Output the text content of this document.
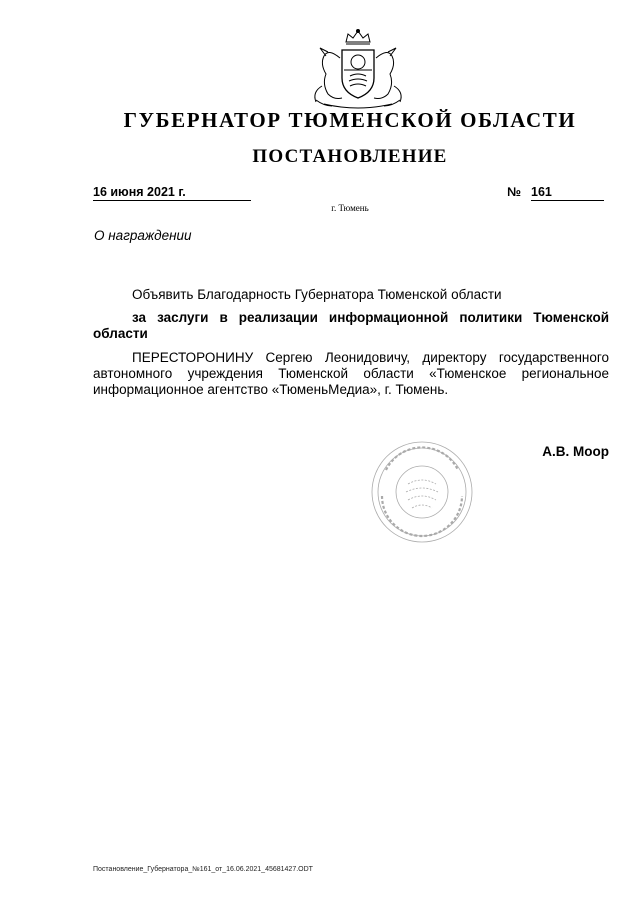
ГУБЕРНАТОР ТЮМЕНСКОЙ ОБЛАСТИ
ПОСТАНОВЛЕНИЕ
16 июня 2021 г.	№ 161
г. Тюмень
О награждении
Объявить Благодарность Губернатора Тюменской области
за заслуги в реализации информационной политики Тюменской области
ПЕРЕСТОРОНИНУ Сергею Леонидовичу, директору государственного автономного учреждения Тюменской области «Тюменское региональное информационное агентство «ТюменьМедиа», г. Тюмень.
А.В. Моор
Постановление_Губернатора_№161_от_16.06.2021_45681427.ODT
